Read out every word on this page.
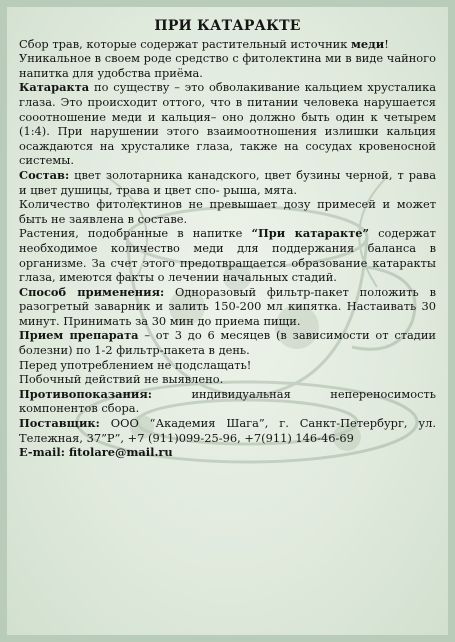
ПРИ КАТАРАКТЕ

Сбор трав, которые содержат растительный источник меди!

Уникальное в своем роде средство с фитолектина ми в виде чайного напитка для удобства приёма.

Катаракта по существу – это обволакивание кальцием хрусталика глаза. Это происходит оттого, что в питании человека нарушается сооотношение меди и кальция– оно должно быть один к четырем (1:4). При нарушении этого взаимоотношения излишки кальция осаждаются на хрусталике глаза, также на сосудах кровеносной системы.

Состав: цвет золотарника канадского, цвет бузины черной, т рава и цвет душицы, трава и цвет спо- рыша, мята.

Количество фитолектинов не превышает дозу примесей и может быть не заявлена в составе.

Растения, подобранные в напитке “При катаракте” содержат необходимое количество меди для поддержания баланса в организме. За счет этого предотвращается образование катаракты глаза, имеются факты о лечении начальных стадий.

Способ применения: Одноразовый фильтр-пакет положить в разогретый заварник и залить 150-200 мл кипятка. Настаивать 30 минут. Принимать за 30 мин до приема пищи.

Прием препарата – от 3 до 6 месяцев (в зависимости от стадии болезни) по 1-2 фильтр-пакета в день.

Перед употреблением не подслащать!

Побочный действий не выявлено.

Противопоказания: индивидуальная непереносимость компонентов сбора.

Поставщик: ООО “Академия Шага”, г. Санкт-Петербург, ул. Тележная, 37”Р”, +7 (911)099-25-96, +7(911) 146-46-69

E-mail: fitolare@mail.ru
